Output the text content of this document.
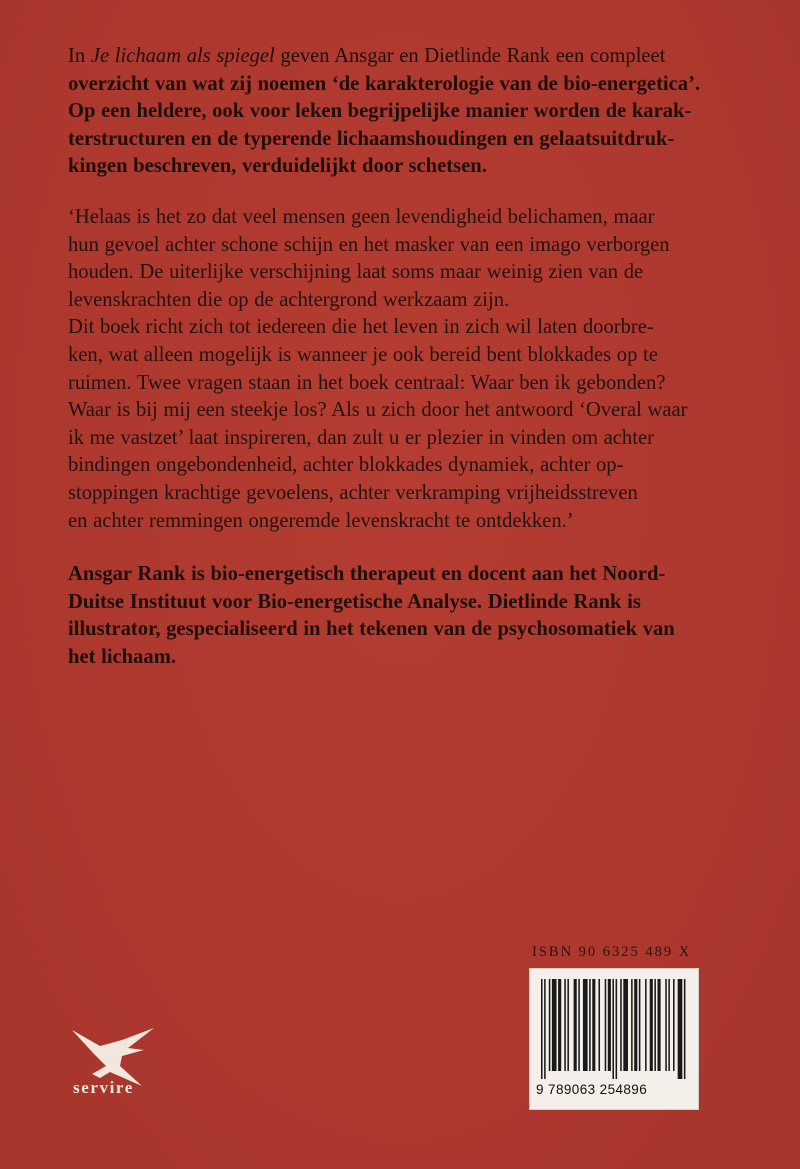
In Je lichaam als spiegel geven Ansgar en Dietlinde Rank een compleet
overzicht van wat zij noemen ‘de karakterologie van de bio-energetica’.
Op een heldere, ook voor leken begrijpelijke manier worden de karak-
terstructuren en de typerende lichaamshoudingen en gelaatsuitdruk-
kingen beschreven, verduidelijkt door schetsen.
‘Helaas is het zo dat veel mensen geen levendigheid belichamen, maar
hun gevoel achter schone schijn en het masker van een imago verborgen
houden. De uiterlijke verschijning laat soms maar weinig zien van de
levenskrachten die op de achtergrond werkzaam zijn.
Dit boek richt zich tot iedereen die het leven in zich wil laten doorbre-
ken, wat alleen mogelijk is wanneer je ook bereid bent blokkades op te
ruimen. Twee vragen staan in het boek centraal: Waar ben ik gebonden?
Waar is bij mij een steekje los? Als u zich door het antwoord ‘Overal waar
ik me vastzet’ laat inspireren, dan zult u er plezier in vinden om achter
bindingen ongebondenheid, achter blokkades dynamiek, achter op-
stoppingen krachtige gevoelens, achter verkramping vrijheidsstreven
en achter remmingen ongeremde levenskracht te ontdekken.’
Ansgar Rank is bio-energetisch therapeut en docent aan het Noord-
Duitse Instituut voor Bio-energetische Analyse. Dietlinde Rank is
illustrator, gespecialiseerd in het tekenen van de psychosomatiek van
het lichaam.
ISBN 90 6325 489 X
9 789063 254896
servire
